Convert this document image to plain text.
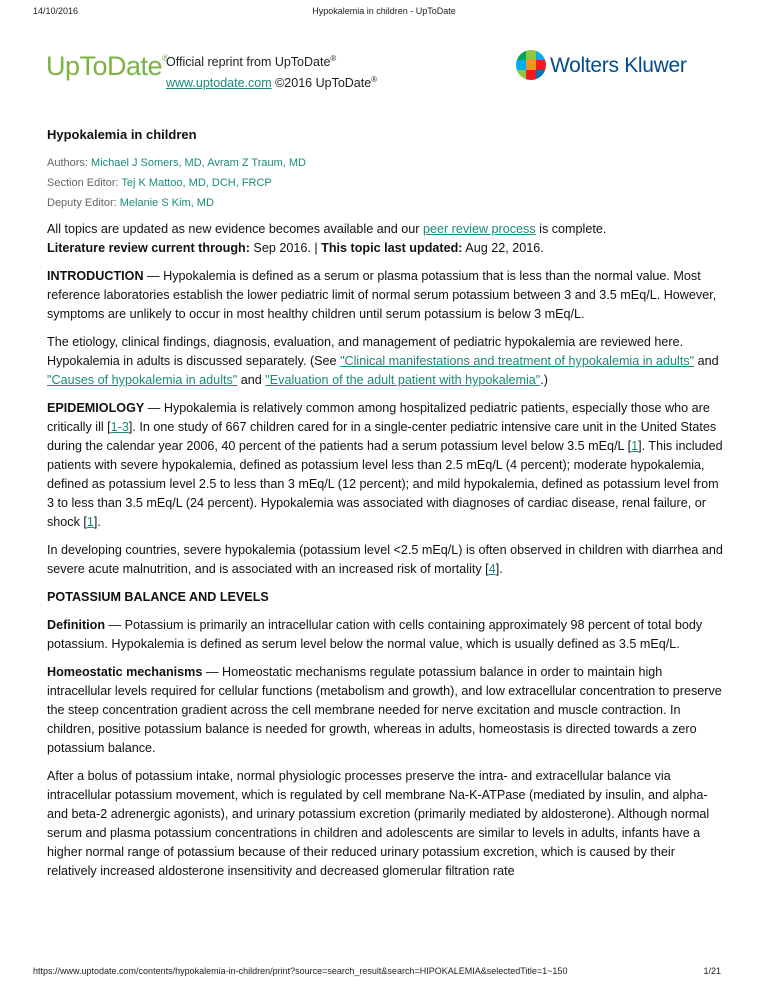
14/10/2016	Hypokalemia in children - UpToDate
UpToDate®
Official reprint from UpToDate®
www.uptodate.com ©2016 UpToDate®
Wolters Kluwer
Hypokalemia in children
Authors: Michael J Somers, MD, Avram Z Traum, MD
Section Editor: Tej K Mattoo, MD, DCH, FRCP
Deputy Editor: Melanie S Kim, MD

All topics are updated as new evidence becomes available and our peer review process is complete.
Literature review current through: Sep 2016. | This topic last updated: Aug 22, 2016.

INTRODUCTION — Hypokalemia is defined as a serum or plasma potassium that is less than the normal value. Most reference laboratories establish the lower pediatric limit of normal serum potassium between 3 and 3.5 mEq/L. However, symptoms are unlikely to occur in most healthy children until serum potassium is below 3 mEq/L.

The etiology, clinical findings, diagnosis, evaluation, and management of pediatric hypokalemia are reviewed here. Hypokalemia in adults is discussed separately. (See "Clinical manifestations and treatment of hypokalemia in adults" and "Causes of hypokalemia in adults" and "Evaluation of the adult patient with hypokalemia".)

EPIDEMIOLOGY — Hypokalemia is relatively common among hospitalized pediatric patients, especially those who are critically ill [1-3]. In one study of 667 children cared for in a single-center pediatric intensive care unit in the United States during the calendar year 2006, 40 percent of the patients had a serum potassium level below 3.5 mEq/L [1]. This included patients with severe hypokalemia, defined as potassium level less than 2.5 mEq/L (4 percent); moderate hypokalemia, defined as potassium level 2.5 to less than 3 mEq/L (12 percent); and mild hypokalemia, defined as potassium level from 3 to less than 3.5 mEq/L (24 percent). Hypokalemia was associated with diagnoses of cardiac disease, renal failure, or shock [1].

In developing countries, severe hypokalemia (potassium level <2.5 mEq/L) is often observed in children with diarrhea and severe acute malnutrition, and is associated with an increased risk of mortality [4].

POTASSIUM BALANCE AND LEVELS

Definition — Potassium is primarily an intracellular cation with cells containing approximately 98 percent of total body potassium. Hypokalemia is defined as serum level below the normal value, which is usually defined as 3.5 mEq/L.

Homeostatic mechanisms — Homeostatic mechanisms regulate potassium balance in order to maintain high intracellular levels required for cellular functions (metabolism and growth), and low extracellular concentration to preserve the steep concentration gradient across the cell membrane needed for nerve excitation and muscle contraction. In children, positive potassium balance is needed for growth, whereas in adults, homeostasis is directed towards a zero potassium balance.

After a bolus of potassium intake, normal physiologic processes preserve the intra- and extracellular balance via intracellular potassium movement, which is regulated by cell membrane Na-K-ATPase (mediated by insulin, and alpha- and beta-2 adrenergic agonists), and urinary potassium excretion (primarily mediated by aldosterone). Although normal serum and plasma potassium concentrations in children and adolescents are similar to levels in adults, infants have a higher normal range of potassium because of their reduced urinary potassium excretion, which is caused by their relatively increased aldosterone insensitivity and decreased glomerular filtration rate

https://www.uptodate.com/contents/hypokalemia-in-children/print?source=search_result&search=HIPOKALEMIA&selectedTitle=1~150	1/21
